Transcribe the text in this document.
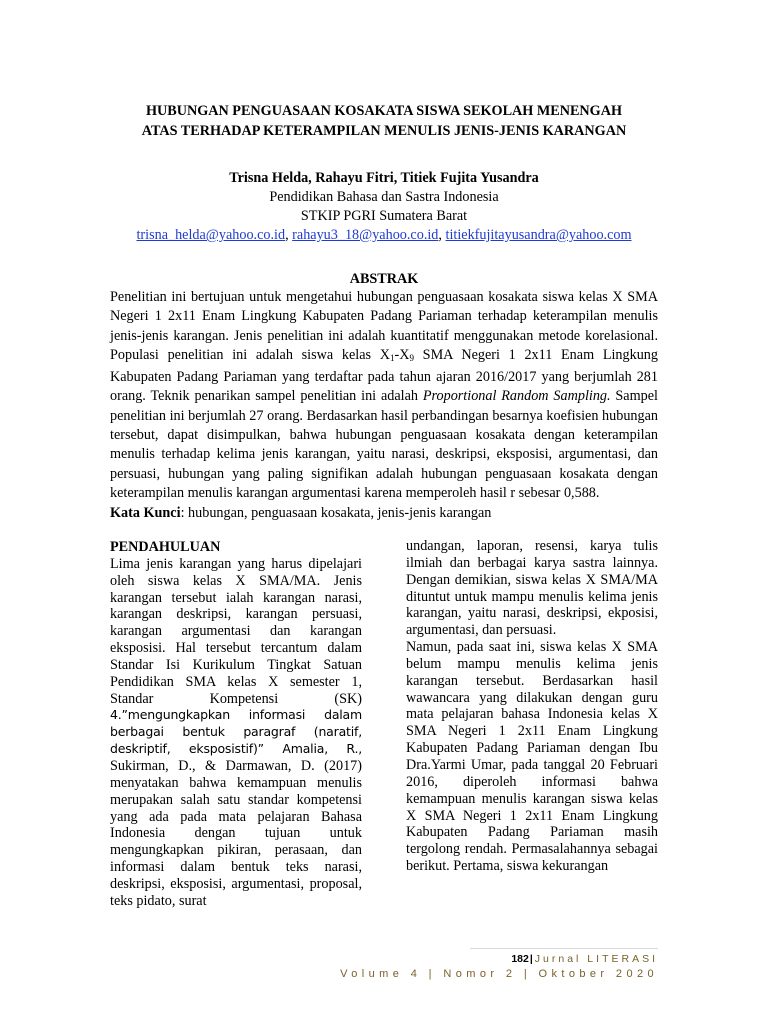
HUBUNGAN PENGUASAAN KOSAKATA SISWA SEKOLAH MENENGAH
ATAS TERHADAP KETERAMPILAN MENULIS JENIS-JENIS KARANGAN
Trisna Helda, Rahayu Fitri, Titiek Fujita Yusandra
Pendidikan Bahasa dan Sastra Indonesia
STKIP PGRI Sumatera Barat
trisna_helda@yahoo.co.id, rahayu3_18@yahoo.co.id, titiekfujitayusandra@yahoo.com
ABSTRAK

Penelitian ini bertujuan untuk mengetahui hubungan penguasaan kosakata siswa kelas X SMA Negeri 1 2x11 Enam Lingkung Kabupaten Padang Pariaman terhadap keterampilan menulis jenis-jenis karangan. Jenis penelitian ini adalah kuantitatif menggunakan metode korelasional. Populasi penelitian ini adalah siswa kelas $X_1-X_9$ SMA Negeri 1 2x11 Enam Lingkung Kabupaten Padang Pariaman yang terdaftar pada tahun ajaran 2016/2017 yang berjumlah 281 orang. Teknik penarikan sampel penelitian ini adalah Proportional Random Sampling. Sampel penelitian ini berjumlah 27 orang. Berdasarkan hasil perbandingan besarnya koefisien hubungan tersebut, dapat disimpulkan, bahwa hubungan penguasaan kosakata dengan keterampilan menulis terhadap kelima jenis karangan, yaitu narasi, deskripsi, eksposisi, argumentasi, dan persuasi, hubungan yang paling signifikan adalah hubungan penguasaan kosakata dengan keterampilan menulis karangan argumentasi karena memperoleh hasil r sebesar 0,588.

Kata Kunci: hubungan, penguasaan kosakata, jenis-jenis karangan
PENDAHULUAN

Lima jenis karangan yang harus dipelajari oleh siswa kelas X SMA/MA. Jenis karangan tersebut ialah karangan narasi, karangan deskripsi, karangan persuasi, karangan argumentasi dan karangan eksposisi. Hal tersebut tercantum dalam Standar Isi Kurikulum Tingkat Satuan Pendidikan SMA kelas X semester 1, Standar Kompetensi (SK) 4.”mengungkapkan informasi dalam berbagai bentuk paragraf (naratif, deskriptif, eksposistif)” Amalia, R., Sukirman, D., & Darmawan, D. (2017) menyatakan bahwa kemampuan menulis merupakan salah satu standar kompetensi yang ada pada mata pelajaran Bahasa Indonesia dengan tujuan untuk mengungkapkan pikiran, perasaan, dan informasi dalam bentuk teks narasi, deskripsi, eksposisi, argumentasi, proposal, teks pidato, surat

undangan, laporan, resensi, karya tulis ilmiah dan berbagai karya sastra lainnya. Dengan demikian, siswa kelas X SMA/MA dituntut untuk mampu menulis kelima jenis karangan, yaitu narasi, deskripsi, ekposisi, argumentasi, dan persuasi.

Namun, pada saat ini, siswa kelas X SMA belum mampu menulis kelima jenis karangan tersebut. Berdasarkan hasil wawancara yang dilakukan dengan guru mata pelajaran bahasa Indonesia kelas X SMA Negeri 1 2x11 Enam Lingkung Kabupaten Padang Pariaman dengan Ibu Dra.Yarmi Umar, pada tanggal 20 Februari 2016, diperoleh informasi bahwa kemampuan menulis karangan siswa kelas X SMA Negeri 1 2x11 Enam Lingkung Kabupaten Padang Pariaman masih tergolong rendah. Permasalahannya sebagai berikut. Pertama, siswa kekurangan

182| Jurnal LITERASI
Volume 4 | Nomor 2 | Oktober 2020
